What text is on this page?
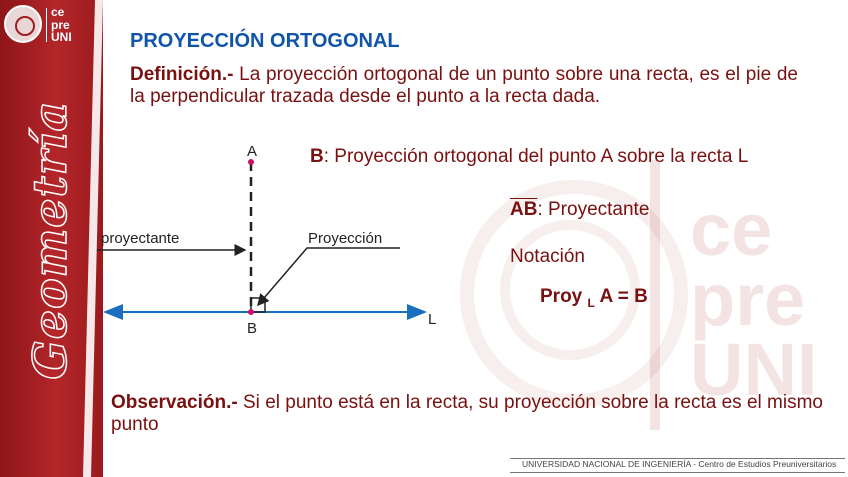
ce
pre
UNI
Geometría	ce
pre
UNI
PROYECCIÓN ORTOGONAL
Definición.- La proyección ortogonal de un punto sobre una recta, es el pie de la perpendicular trazada desde el punto a la recta dada.
A
B
L
proyectante	Proyección
B: Proyección ortogonal del punto A sobre la recta L
$\overline{AB}$: Proyectante
Notación
Proy $_L$ A = B
Observación.- Si el punto está en la recta, su proyección sobre la recta es el mismo punto
UNIVERSIDAD NACIONAL DE INGENIERÍA - Centro de Estudios Preuniversitarios
